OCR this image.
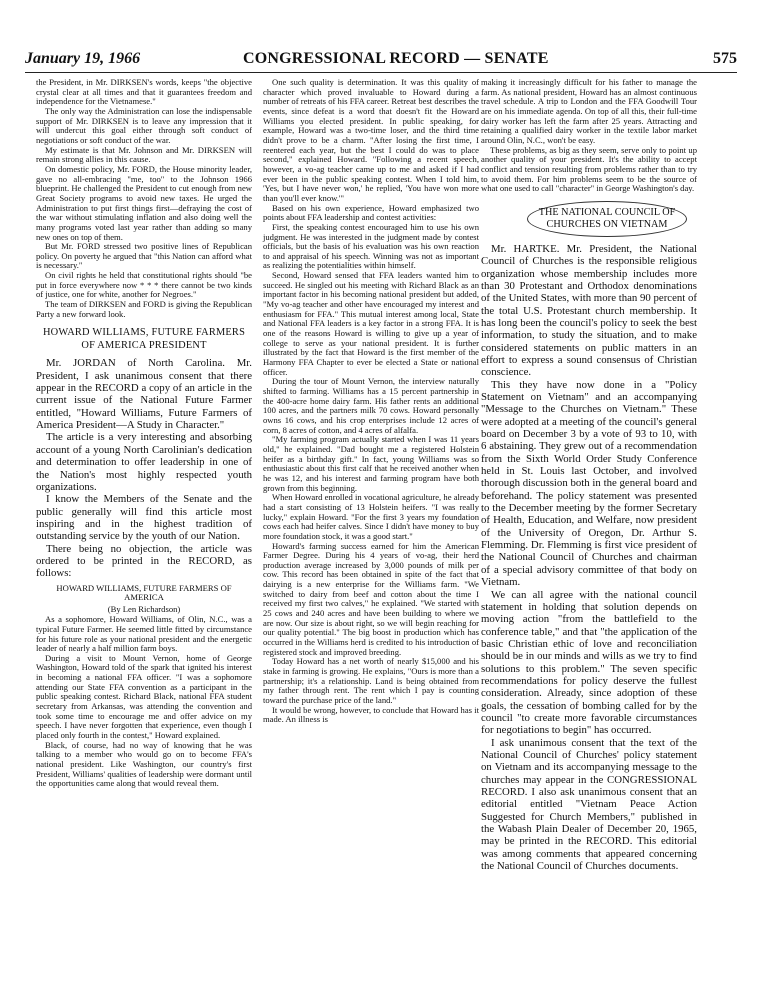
January 19, 1966	CONGRESSIONAL RECORD — SENATE	575

the President, in Mr. DIRKSEN's words, keeps "the objective crystal clear at all times and that it guarantees freedom and independence for the Vietnamese."

The only way the Administration can lose the indispensable support of Mr. DIRKSEN is to leave any impression that it will undercut this goal either through soft conduct of negotiations or soft conduct of the war.

My estimate is that Mr. Johnson and Mr. DIRKSEN will remain strong allies in this cause.

On domestic policy, Mr. FORD, the House minority leader, gave no all-embracing "me, too" to the Johnson 1966 blueprint. He challenged the President to cut enough from new Great Society programs to avoid new taxes. He urged the Administration to put first things first—defraying the cost of the war without stimulating inflation and also doing well the many programs voted last year rather than adding so many new ones on top of them.

But Mr. FORD stressed two positive lines of Republican policy. On poverty he argued that "this Nation can afford what is necessary."

On civil rights he held that constitutional rights should "be put in force everywhere now * * * there cannot be two kinds of justice, one for white, another for Negroes."

The team of DIRKSEN and FORD is giving the Republican Party a new forward look.

HOWARD WILLIAMS, FUTURE FARMERS OF AMERICA PRESIDENT

Mr. JORDAN of North Carolina. Mr. President, I ask unanimous consent that there appear in the RECORD a copy of an article in the current issue of the National Future Farmer entitled, "Howard Williams, Future Farmers of America President—A Study in Character."

The article is a very interesting and absorbing account of a young North Carolinian's dedication and determination to offer leadership in one of the Nation's most highly respected youth organizations.

I know the Members of the Senate and the public generally will find this article most inspiring and in the highest tradition of outstanding service by the youth of our Nation.

There being no objection, the article was ordered to be printed in the RECORD, as follows:

HOWARD WILLIAMS, FUTURE FARMERS OF AMERICA
(By Len Richardson)

As a sophomore, Howard Williams, of Olin, N.C., was a typical Future Farmer. He seemed little fitted by circumstance for his future role as your national president and the energetic leader of nearly a half million farm boys.

During a visit to Mount Vernon, home of George Washington, Howard told of the spark that ignited his interest in becoming a national FFA officer. "I was a sophomore attending our State FFA convention as a participant in the public speaking contest. Richard Black, national FFA student secretary from Arkansas, was attending the convention and took some time to encourage me and offer advice on my speech. I have never forgotten that experience, even though I placed only fourth in the contest," Howard explained.

Black, of course, had no way of knowing that he was talking to a member who would go on to become FFA's national president. Like Washington, our country's first President, Williams' qualities of leadership were dormant until the opportunities came along that would reveal them.

One such quality is determination. It was this quality of character which proved invaluable to Howard during a number of retreats of his FFA career. Retreat best describes the events, since defeat is a word that doesn't fit the Howard Williams you elected president. In public speaking, for example, Howard was a two-time loser, and the third time didn't prove to be a charm. "After losing the first time, I reentered each year, but the best I could do was to place second," explained Howard. "Following a recent speech, however, a vo-ag teacher came up to me and asked if I had ever been in the public speaking contest. When I told him, 'Yes, but I have never won,' he replied, 'You have won more than you'll ever know.'"

Based on his own experience, Howard emphasized two points about FFA leadership and contest activities:

First, the speaking contest encouraged him to use his own judgment. He was interested in the judgment made by contest officials, but the basis of his evaluation was his own reaction to and appraisal of his speech. Winning was not as important as realizing the potentialities within himself.

Second, Howard sensed that FFA leaders wanted him to succeed. He singled out his meeting with Richard Black as an important factor in his becoming national president but added, "My vo-ag teacher and other have encouraged my interest and enthusiasm for FFA." This mutual interest among local, State and National FFA leaders is a key factor in a strong FFA. It is one of the reasons Howard is willing to give up a year of college to serve as your national president. It is further illustrated by the fact that Howard is the first member of the Harmony FFA Chapter to ever be elected a State or national officer.

During the tour of Mount Vernon, the interview naturally shifted to farming. Williams has a 15 percent partnership in the 400-acre home dairy farm. His father rents an additional 100 acres, and the partners milk 70 cows. Howard personally owns 16 cows, and his crop enterprises include 12 acres of corn, 8 acres of cotton, and 4 acres of alfalfa.

"My farming program actually started when I was 11 years old," he explained. "Dad bought me a registered Holstein heifer as a birthday gift." In fact, young Williams was so enthusiastic about this first calf that he received another when he was 12, and his interest and farming program have both grown from this beginning.

When Howard enrolled in vocational agriculture, he already had a start consisting of 13 Holstein heifers. "I was really lucky," explain Howard. "For the first 3 years my foundation cows each had heifer calves. Since I didn't have money to buy more foundation stock, it was a good start."

Howard's farming success earned for him the American Farmer Degree. During his 4 years of vo-ag, their herd production average increased by 3,000 pounds of milk per cow. This record has been obtained in spite of the fact that dairying is a new enterprise for the Williams farm. "We switched to dairy from beef and cotton about the time I received my first two calves," he explained. "We started with 25 cows and 240 acres and have been building to where we are now. Our size is about right, so we will begin reaching for our quality potential." The big boost in production which has occurred in the Williams herd is credited to his introduction of registered stock and improved breeding.

Today Howard has a net worth of nearly $15,000 and his stake in farming is growing. He explains, "Ours is more than a partnership; it's a relationship. Land is being obtained from my father through rent. The rent which I pay is counting toward the purchase price of the land."

It would be wrong, however, to conclude that Howard has it made. An illness is

making it increasingly difficult for his father to manage the farm. As national president, Howard has an almost continuous travel schedule. A trip to London and the FFA Goodwill Tour are on his immediate agenda. On top of all this, their full-time dairy worker has left the farm after 25 years. Attracting and retaining a qualified dairy worker in the textile labor market around Olin, N.C., won't be easy.

These problems, as big as they seem, serve only to point up another quality of your president. It's the ability to accept conflict and tension resulting from problems rather than to try to avoid them. For him problems seem to be the source of what one used to call "character" in George Washington's day.

THE NATIONAL COUNCIL OF CHURCHES ON VIETNAM

Mr. HARTKE. Mr. President, the National Council of Churches is the responsible religious organization whose membership includes more than 30 Protestant and Orthodox denominations of the United States, with more than 90 percent of the total U.S. Protestant church membership. It has long been the council's policy to seek the best information, to study the situation, and to make considered statements on public matters in an effort to express a sound consensus of Christian conscience.

This they have now done in a "Policy Statement on Vietnam" and an accompanying "Message to the Churches on Vietnam." These were adopted at a meeting of the council's general board on December 3 by a vote of 93 to 10, with 6 abstaining. They grew out of a recommendation from the Sixth World Order Study Conference held in St. Louis last October, and involved thorough discussion both in the general board and beforehand. The policy statement was presented to the December meeting by the former Secretary of Health, Education, and Welfare, now president of the University of Oregon, Dr. Arthur S. Flemming. Dr. Flemming is first vice president of the National Council of Churches and chairman of a special advisory committee of that body on Vietnam.

We can all agree with the national council statement in holding that solution depends on moving action "from the battlefield to the conference table," and that "the application of the basic Christian ethic of love and reconciliation should be in our minds and wills as we try to find solutions to this problem." The seven specific recommendations for policy deserve the fullest consideration. Already, since adoption of these goals, the cessation of bombing called for by the council "to create more favorable circumstances for negotiations to begin" has occurred.

I ask unanimous consent that the text of the National Council of Churches' policy statement on Vietnam and its accompanying message to the churches may appear in the CONGRESSIONAL RECORD. I also ask unanimous consent that an editorial entitled "Vietnam Peace Action Suggested for Church Members," published in the Wabash Plain Dealer of December 20, 1965, may be printed in the RECORD. This editorial was among comments that appeared concerning the National Council of Churches documents.
